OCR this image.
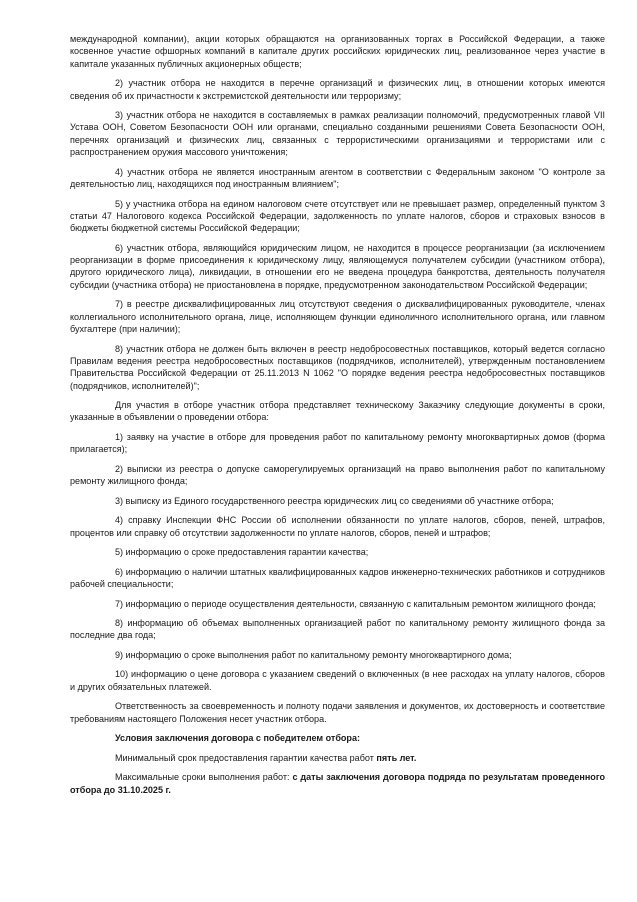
международной компании), акции которых обращаются на организованных торгах в Российской Федерации, а также косвенное участие офшорных компаний в капитале других российских юридических лиц, реализованное через участие в капитале указанных публичных акционерных обществ;

2) участник отбора не находится в перечне организаций и физических лиц, в отношении которых имеются сведения об их причастности к экстремистской деятельности или терроризму;

3) участник отбора не находится в составляемых в рамках реализации полномочий, предусмотренных главой VII Устава ООН, Советом Безопасности ООН или органами, специально созданными решениями Совета Безопасности ООН, перечнях организаций и физических лиц, связанных с террористическими организациями и террористами или с распространением оружия массового уничтожения;

4) участник отбора не является иностранным агентом в соответствии с Федеральным законом "О контроле за деятельностью лиц, находящихся под иностранным влиянием";

5) у участника отбора на едином налоговом счете отсутствует или не превышает размер, определенный пунктом 3 статьи 47 Налогового кодекса Российской Федерации, задолженность по уплате налогов, сборов и страховых взносов в бюджеты бюджетной системы Российской Федерации;

6) участник отбора, являющийся юридическим лицом, не находится в процессе реорганизации (за исключением реорганизации в форме присоединения к юридическому лицу, являющемуся получателем субсидии (участником отбора), другого юридического лица), ликвидации, в отношении его не введена процедура банкротства, деятельность получателя субсидии (участника отбора) не приостановлена в порядке, предусмотренном законодательством Российской Федерации;

7) в реестре дисквалифицированных лиц отсутствуют сведения о дисквалифицированных руководителе, членах коллегиального исполнительного органа, лице, исполняющем функции единоличного исполнительного органа, или главном бухгалтере (при наличии);

8) участник отбора не должен быть включен в реестр недобросовестных поставщиков, который ведется согласно Правилам ведения реестра недобросовестных поставщиков (подрядчиков, исполнителей), утвержденным постановлением Правительства Российской Федерации от 25.11.2013 N 1062 "О порядке ведения реестра недобросовестных поставщиков (подрядчиков, исполнителей)";

Для участия в отборе участник отбора представляет техническому Заказчику следующие документы в сроки, указанные в объявлении о проведении отбора:

1) заявку на участие в отборе для проведения работ по капитальному ремонту многоквартирных домов (форма прилагается);

2) выписки из реестра о допуске саморегулируемых организаций на право выполнения работ по капитальному ремонту жилищного фонда;

3) выписку из Единого государственного реестра юридических лиц со сведениями об участнике отбора;

4) справку Инспекции ФНС России об исполнении обязанности по уплате налогов, сборов, пеней, штрафов, процентов или справку об отсутствии задолженности по уплате налогов, сборов, пеней и штрафов;

5) информацию о сроке предоставления гарантии качества;

6) информацию о наличии штатных квалифицированных кадров инженерно-технических работников и сотрудников рабочей специальности;

7) информацию о периоде осуществления деятельности, связанную с капитальным ремонтом жилищного фонда;

8) информацию об объемах выполненных организацией работ по капитальному ремонту жилищного фонда за последние два года;

9) информацию о сроке выполнения работ по капитальному ремонту многоквартирного дома;

10) информацию о цене договора с указанием сведений о включенных (в нее расходах на уплату налогов, сборов и других обязательных платежей.

Ответственность за своевременность и полноту подачи заявления и документов, их достоверность и соответствие требованиям настоящего Положения несет участник отбора.

Условия заключения договора с победителем отбора:

Минимальный срок предоставления гарантии качества работ пять лет.

Максимальные сроки выполнения работ: с даты заключения договора подряда по результатам проведенного отбора до 31.10.2025 г.
